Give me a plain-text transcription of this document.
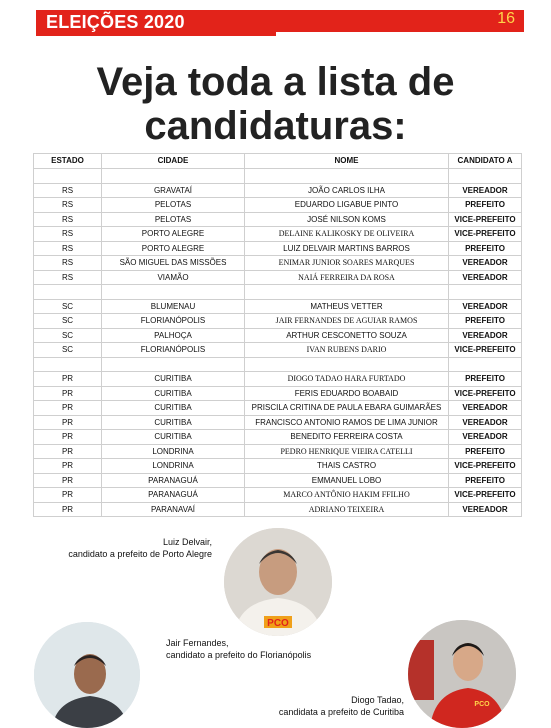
ELEIÇÕES 2020	16
Veja toda a lista de
candidaturas:
ESTADO	CIDADE	NOME	CANDIDATO A

RS	GRAVATAÍ	JOÃO CARLOS ILHA	VEREADOR
RS	PELOTAS	EDUARDO LIGABUE PINTO	PREFEITO
RS	PELOTAS	JOSÉ NILSON KOMS	VICE-PREFEITO
RS	PORTO ALEGRE	DELAINE KALIKOSKY DE OLIVEIRA	VICE-PREFEITO
RS	PORTO ALEGRE	LUIZ DELVAIR MARTINS BARROS	PREFEITO
RS	SÃO MIGUEL DAS MISSÕES	ENIMAR JUNIOR SOARES MARQUES	VEREADOR
RS	VIAMÃO	NAIÁ FERREIRA DA ROSA	VEREADOR

SC	BLUMENAU	MATHEUS VETTER	VEREADOR
SC	FLORIANÓPOLIS	JAIR FERNANDES DE AGUIAR RAMOS	PREFEITO
SC	PALHOÇA	ARTHUR CESCONETTO SOUZA	VEREADOR
SC	FLORIANÓPOLIS	IVAN RUBENS DARIO	VICE-PREFEITO

PR	CURITIBA	DIOGO TADAO HARA FURTADO	PREFEITO
PR	CURITIBA	FERIS EDUARDO BOABAID	VICE-PREFEITO
PR	CURITIBA	PRISCILA CRITINA DE PAULA EBARA GUIMARÃES	VEREADOR
PR	CURITIBA	FRANCISCO ANTONIO RAMOS DE LIMA JUNIOR	VEREADOR
PR	CURITIBA	BENEDITO FERREIRA COSTA	VEREADOR
PR	LONDRINA	PEDRO HENRIQUE VIEIRA CATELLI	PREFEITO
PR	LONDRINA	THAIS CASTRO	VICE-PREFEITO
PR	PARANAGUÁ	EMMANUEL LOBO	PREFEITO
PR	PARANAGUÁ	MARCO ANTÔNIO HAKIM FFILHO	VICE-PREFEITO
PR	PARANAVAÍ	ADRIANO TEIXEIRA	VEREADOR
Luiz Delvair,
candidato a prefeito de Porto Alegre
PCO
Jair Fernandes,
candidato a prefeito do Florianópolis
Diogo Tadao,
candidata a prefeito de Curitiba
PCO
